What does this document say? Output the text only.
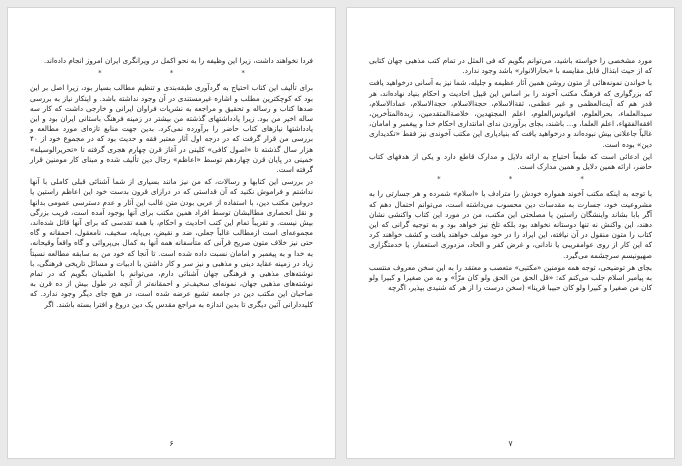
فردا نخواهند داشت، زیرا این وظیفه را به نحو اکمل در ویرانگری ایران امروز انجام داده‌اند.

*	*	*

برای تألیف این کتاب احتیاج به گردآوری طبقه‌بندی و تنظیم مطالب بسیار بود، زیرا اصل بر این بود که کوچکترین مطلب و اشاره غیرمستندی در آن وجود نداشته باشد. و اینکار نیاز به بررسی صدها کتاب و رساله و تحقیق و مراجعه به نشریات فراوان ایرانی و خارجی داشت که کار سه ساله اخیر من بود. زیرا یادداشتهای گذشته من بیشتر در زمینه فرهنگ باستانی ایران بود و این یادداشتها نیازهای کتاب حاضر را برآورده نمی‌کرد. بدین جهت منابع تازه‌ای مورد مطالعه و بررسی من قرار گرفت که در درجه اول آثار معتبر فقه و حدیث بود که در مجموع خود از ۴۰ هزار سال گذشته تا «اصول کافی» کلینی در آغاز قرن چهارم هجری گرفته تا «تحریرالوسیله» خمینی در پایان قرن چهاردهم توسط «اعاظم» رجال دین تألیف شده و مبنای کار مومنین قرار گرفته است.

در بررسی این کتابها و رسالات، که من نیز مانند بسیاری از شما آشنائی قبلی کاملی با آنها نداشتم و فراموش نکنید که آن قداستی که در درازای قرون بدست خود این اعاظم راستین یا دروغین مکتب دین، با استفاده از عربی بودن متن غالب این آثار و عدم دسترسی عمومی بدانها و نقل انحصاری مطالبشان توسط افراد همین مکتب برای آنها بوجود آمده است، فریب بزرگی بیش نیست. و تقریباً تمام این کتب احادیث و احکام، با همه تقدسی که برای آنها قائل شده‌اند، مجموعه‌ای است ازمطالب غالباً جعلی، ضد و نقیض، بی‌پایه، سخیف، نامعقول، احمقانه و گاه حتی نیز خلاف متون صریح قرآنی که متأسفانه همه آنها به کمال بی‌پروائی و گاه واقعاً وقیحانه، به خدا و به پیغمبر و امامان نسبت داده شده است. تا آنجا که خود من به سابقه مطالعه نسبتاً زیاد در زمینه عقاید دینی و مذهبی و نیز سر و کار داشتن با ادبیات و مسائل تاریخی فرهنگی، با نوشته‌های مذهبی و فرهنگی جهان آشنائی دارم، می‌توانم با اطمینان بگویم که در تمام نوشته‌های مذهبی جهان، نمونه‌ای سخیف‌تر و احمقانه‌تر از آنچه در طول بیش از ده قرن به صاحبان این مکتب دین در جامعه تشیع عرضه شده است، در هیچ جای دیگر وجود ندارد. که کلیددارانی آئین دیگری تا بدین اندازه به مراجع مقدس یک دین دروغ و افترا بسته باشند. اگر

۶

مورد مشخصی را خواسته باشید، می‌توانم بگویم که فی المثل در تمام کتب مذهبی جهان کتابی که از حیث ابتذال قابل مقایسه با «بحارالانوار» باشد وجود ندارد.

با خواندن نمونه‌هائی از متون روشن همین آثار عظیمه و جلیله، شما نیز به آسانی درخواهید یافت که بزرگواری که فرهنگ مکتب آخوند را بر اساس این قبیل احادیث و احکام بنیاد نهاده‌اند، هر قدر هم که آیت‌العظمی و غیر عظمی، ثقة‌الاسلام، حجة‌الاسلام، حجة‌الاسلام، عمادالاسلام، سیدالعلماء، بحرالعلوم، افیانوس‌العلوم، اعلم المجتهدین، خلاصة‌المتقدمین، زبدة‌المتأخرین، افقه‌الفقهاء، اعلم العلما، و... باشند، بجای برآوردن ندای امانتداری احکام خدا و پیغمبر و امامان، غالباً جاعلانی بیش نبوده‌اند و درخواهید یافت که بنیادیاری این مکتب آخوندی نیز فقط «تکدیداری دین» بوده است.

این ادعائی است که طبعاً احتیاج به ارائه دلایل و مدارک قاطع دارد و یکی از هدفهای کتاب حاضر، ارائه همین دلایل و همین مدارک است.

*	*	*

با توجه به اینکه مکتب آخوند همواره خودش را مترادف با «اسلام» شمرده و هر جسارتی را به مشروعیت خود، جسارت به مقدسات دین محسوب می‌داشته است، می‌توانم احتمال دهم که آگر بابا بشاند واینشگان راستین یا مصلحتی این مکتب، من در مورد این کتاب واکنشی نشان دهند، این واکنش نه تنها دوستانه نخواهد بود بلکه تلخ نیز خواهد بود و به توجیه گرانی که این کتاب را متون منقول در آن نیافته، این ایراد را در خود مولف خواهند یافت و کشف خواهند کرد که این کار از روی عوامفریبی یا نادانی، و غرض کفر و الحاد، مزدوری استعمار، یا خدمتگزاری صهیونیسم سرچشمه می‌گیرد.

بجای هر توضیحی، توجه همه مومنین «مکتبی» متعصب و معتقد را به این سخن معروف منتسب به پیامبر اسلام جلب می‌کنم که: «قل الحق من الحق ولو کان مرّاً» و به من صغیرا و کبیرا ولو کان من صغیرا و کبیرا ولو کان حبیبا قرینا» (سخن درست را از هر که شنیدی بپذیر، اگرچه

۷
